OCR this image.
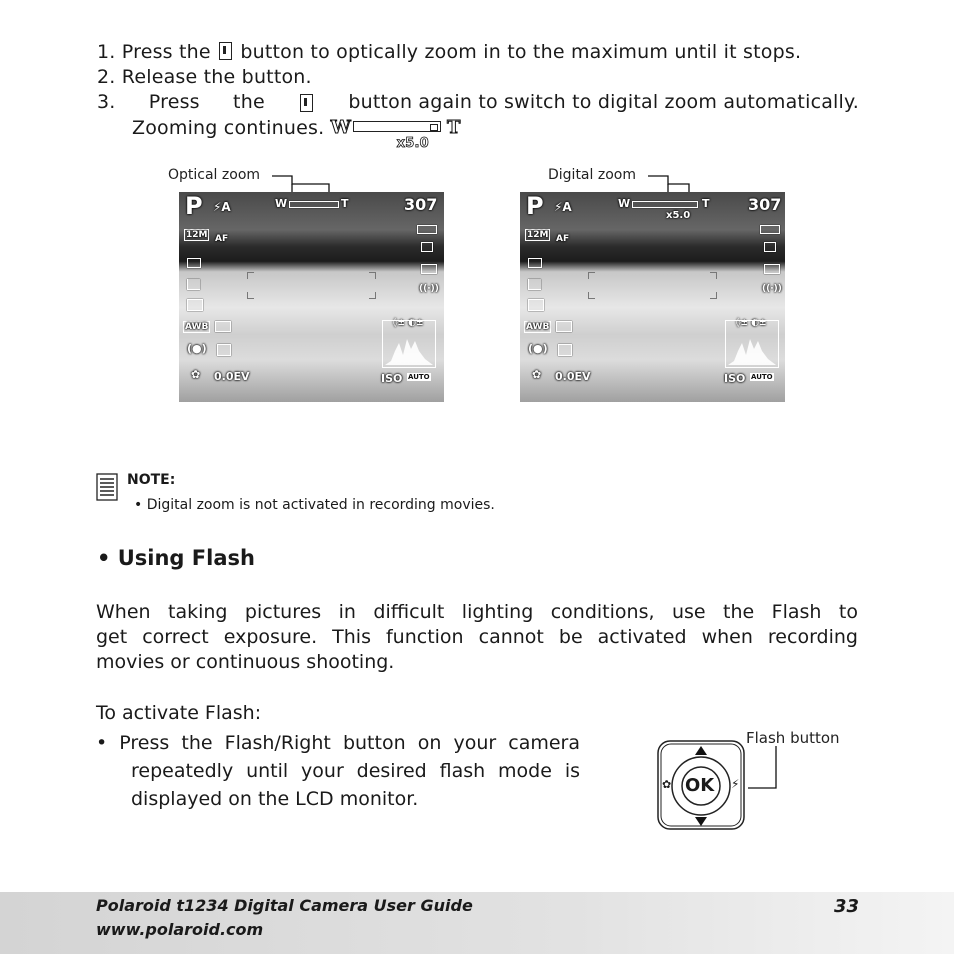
1. Press the button to optically zoom in to the maximum until it stops.
2. Release the button.
3. Press the	button again to switch to digital zoom automatically.
Zooming continues. W	T
x5.0
Optical zoom	Digital zoom
P ⚡A	W	T	307
12M AF
((∙))
AWB	◊± ◐±
(●)
✿ 0.0EV	ISO AUTO
P ⚡A	W	T
x5.0
307
12M AF
((∙))
AWB	◊± ◐±
(●)
✿ 0.0EV	ISO AUTO
NOTE:
• Digital zoom is not activated in recording movies.
• Using Flash
When taking pictures in difficult lighting conditions, use the Flash to
get correct exposure. This function cannot be activated when recording
movies or continuous shooting.
To activate Flash:
• Press the Flash/Right button on your camera
repeatedly until your desired flash mode is
displayed on the LCD monitor.
OK
✿	⚡
Flash button
Polaroid t1234 Digital Camera User Guide
www.polaroid.com
33
